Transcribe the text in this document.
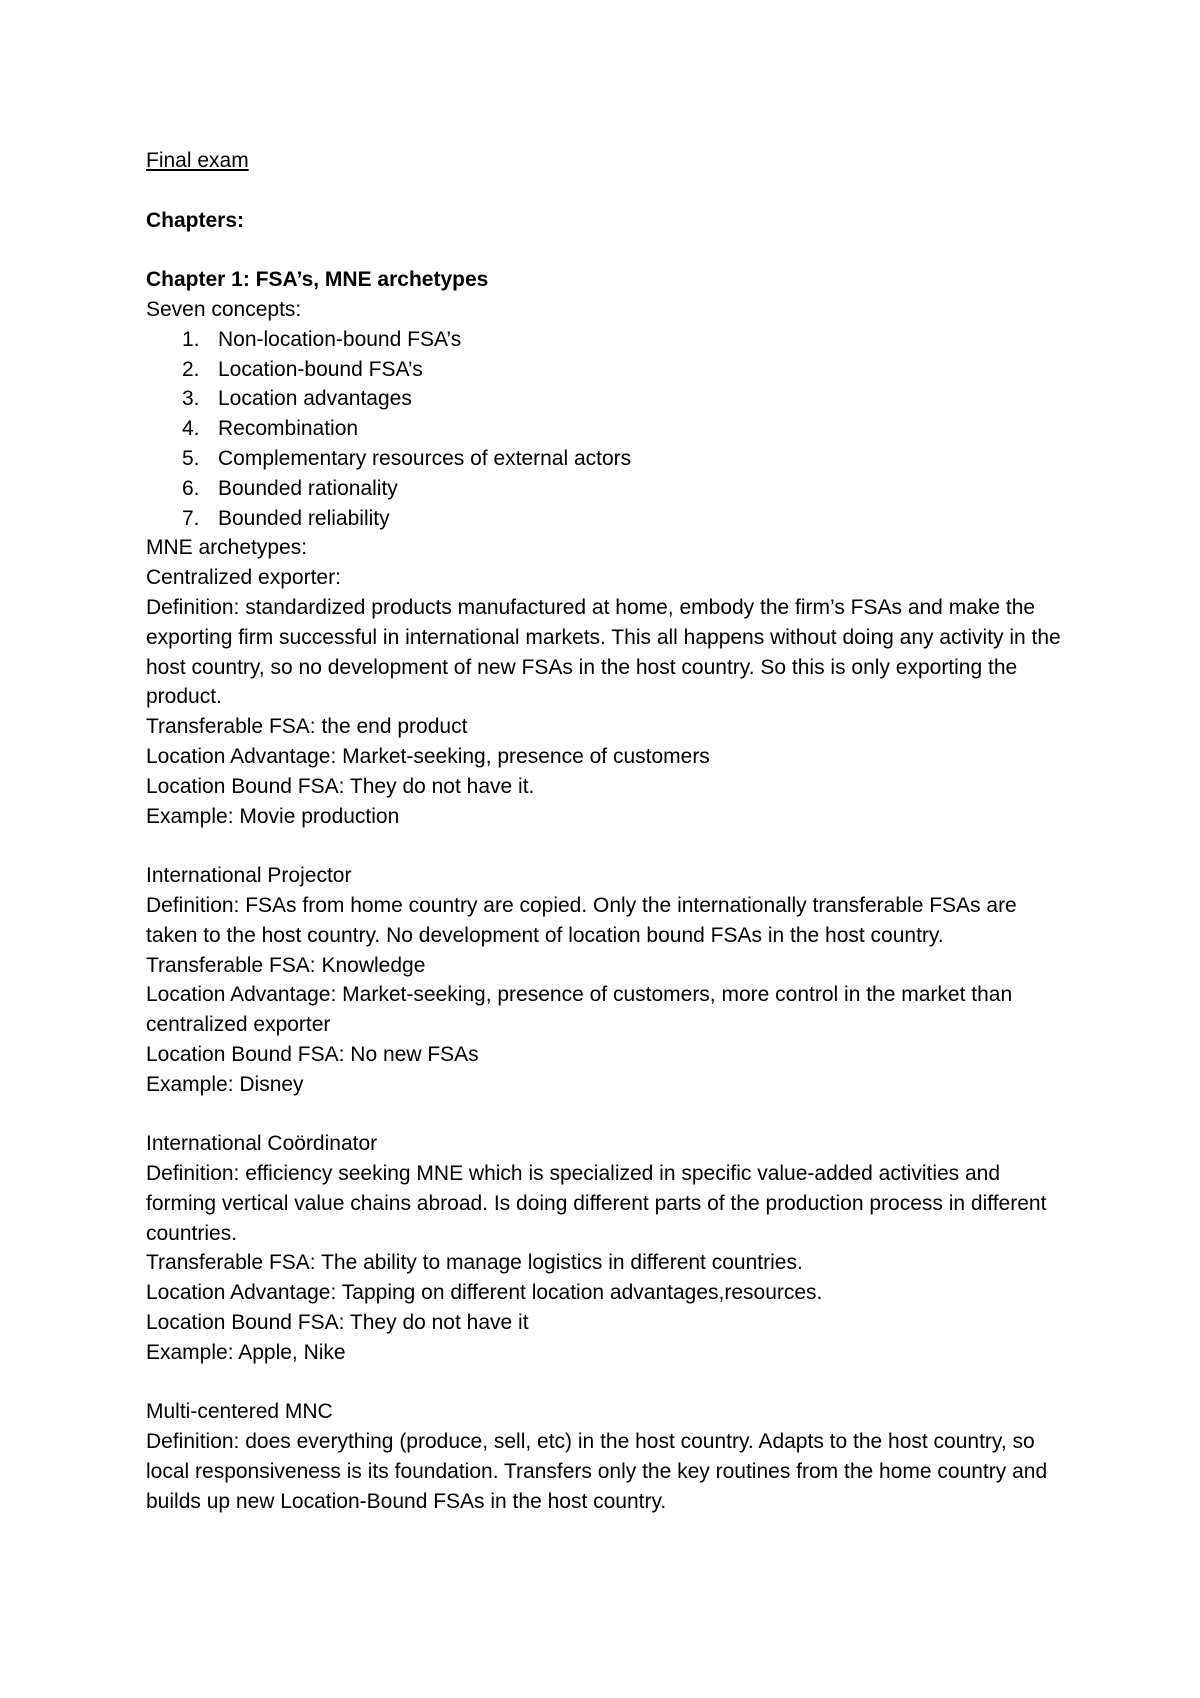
Final exam

Chapters:

Chapter 1: FSA’s, MNE archetypes

Seven concepts:

1. Non-location-bound FSA’s
2. Location-bound FSA’s
3. Location advantages
4. Recombination
5. Complementary resources of external actors
6. Bounded rationality
7. Bounded reliability

MNE archetypes:

Centralized exporter:

Definition: standardized products manufactured at home, embody the firm’s FSAs and make the exporting firm successful in international markets. This all happens without doing any activity in the host country, so no development of new FSAs in the host country. So this is only exporting the product.

Transferable FSA: the end product

Location Advantage: Market-seeking, presence of customers

Location Bound FSA: They do not have it.

Example: Movie production

International Projector

Definition: FSAs from home country are copied. Only the internationally transferable FSAs are taken to the host country. No development of location bound FSAs in the host country.

Transferable FSA: Knowledge

Location Advantage: Market-seeking, presence of customers, more control in the market than centralized exporter

Location Bound FSA: No new FSAs

Example: Disney

International Coördinator

Definition: efficiency seeking MNE which is specialized in specific value-added activities and forming vertical value chains abroad. Is doing different parts of the production process in different countries.

Transferable FSA: The ability to manage logistics in different countries.

Location Advantage: Tapping on different location advantages,resources.

Location Bound FSA: They do not have it

Example: Apple, Nike

Multi-centered MNC

Definition: does everything (produce, sell, etc) in the host country. Adapts to the host country, so local responsiveness is its foundation. Transfers only the key routines from the home country and builds up new Location-Bound FSAs in the host country.
